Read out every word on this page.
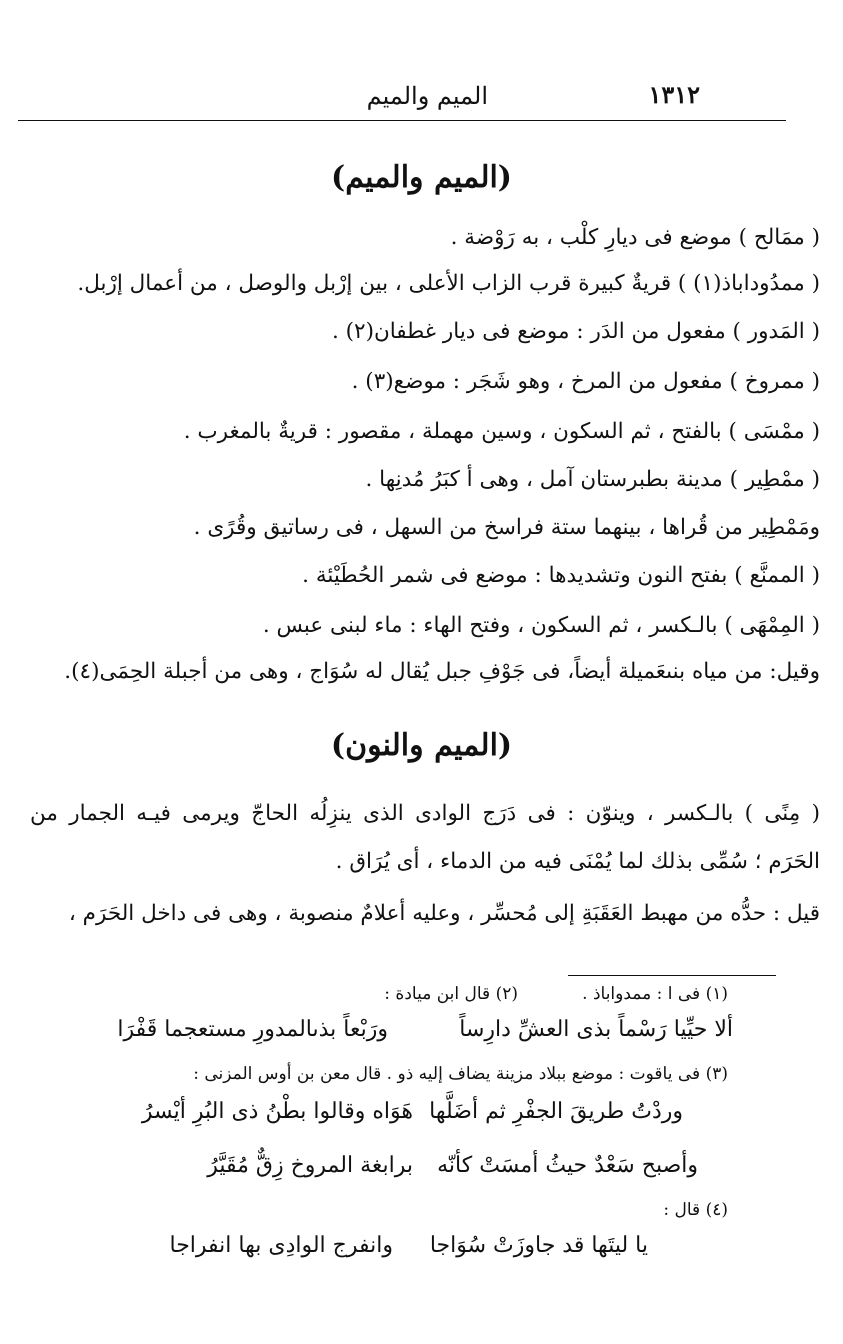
١٣١٢
الميم والميم
(الميم والميم)
( ممَالح ) موضع فى ديارِ كلْب ، به رَوْضة .
( ممدُوداباذ(١) ) قريةٌ كبيرة قرب الزاب الأعلى ، بين إرْبل والوصل ، من أعمال إرْبل.
( المَدور ) مفعول من الدَر : موضع فى ديار غطفان(٢) .
( ممروخ ) مفعول من المرخ ، وهو شَجَر : موضع(٣) .
( ممْسَى ) بالفتح ، ثم السكون ، وسين مهملة ، مقصور : قريةٌ بالمغرب .
( ممْطِير ) مدينة بطبرستان آمل ، وهى أ كبَرُ مُدنِها .
ومَمْطِير من قُراها ، بينهما ستة فراسخ من السهل ، فى رساتيق وقُرًى .
( الممنَّع ) بفتح النون وتشديدها : موضع فى شمر الحُطَيْئة .
( المِمْهَى ) بالـكسر ، ثم السكون ، وفتح الهاء : ماء لبنى عبس .
وقيل: من مياه بنىعَميلة أيضاً، فى جَوْفِ جبل يُقال له سُوَاج ، وهى من أجبلة الحِمَى(٤).
(الميم والنون)
( مِنًى ) بالـكسر ، وينوّن : فى دَرَج الوادى الذى ينزِلُه الحاجّ ويرمى فيـه الجمار من
الحَرَم ؛ سُمِّى بذلك لما يُمْنَى فيه من الدماء ، أى يُرَاق .
قيل : حدُّه من مهبط العَقَبَةِ إلى مُحسِّر ، وعليه أعلامٌ منصوبة ، وهى فى داخل الحَرَم ،
(١) فى ا : ممدواباذ .
(٢) قال ابن ميادة :
ألا حيِّيا رَسْماً بذى العشِّ دارِساً
ورَبْعاً بذىالمدورِ مستعجما قَفْرَا
(٣) فى ياقوت : موضع ببلاد مزينة يضاف إليه ذو . قال معن بن أوس المزنى :
وردْتُ طريقَ الجفْرِ ثم أضَلَّها
هَوَاه وقالوا بطْنُ ذى البُرِ أيْسرُ
وأصبح سَعْدٌ حيثُ أمسَتْ كأنّه
برابغة المروخ زِقٌّ مُقَيَّرُ
(٤) قال :
يا ليتَها قد جاوزَتْ سُوَاجا
وانفرج الوادِى بها انفراجا
